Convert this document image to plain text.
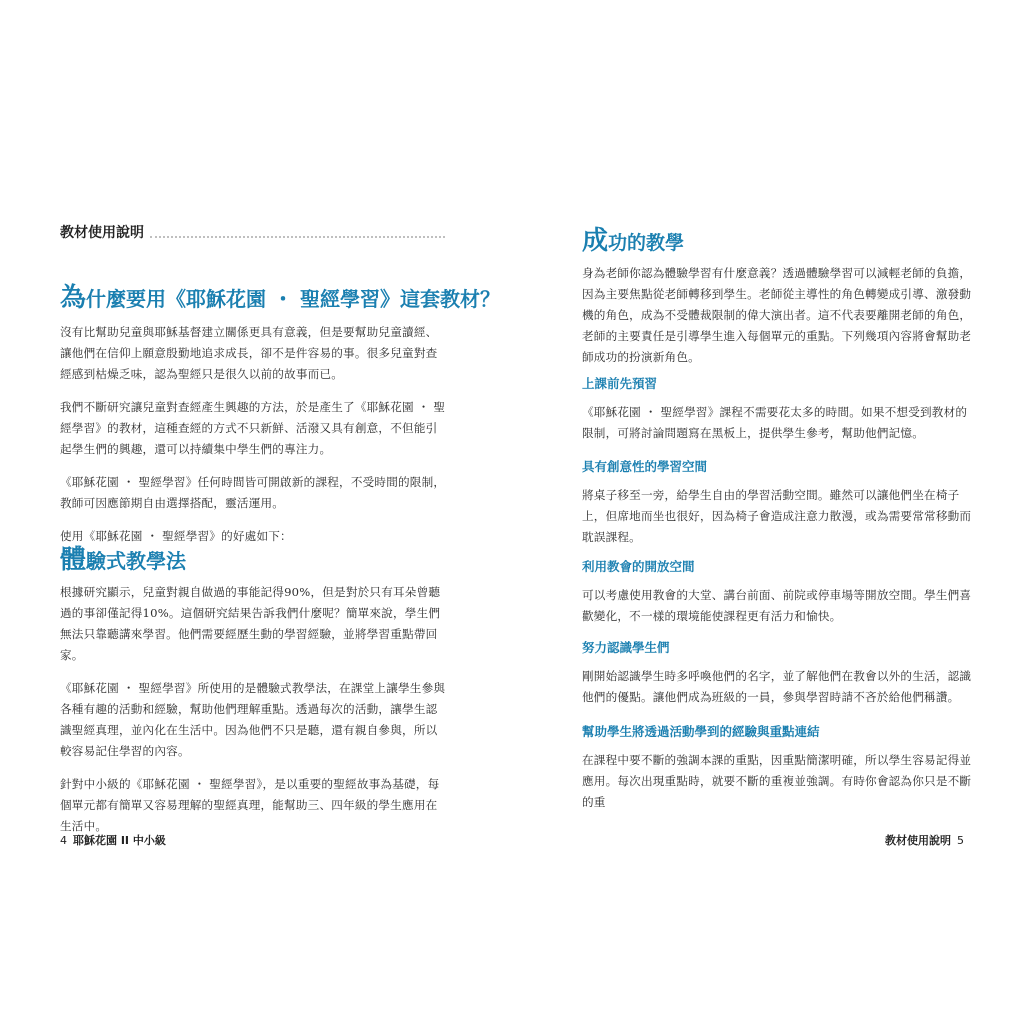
教材使用說明
為什麼要用《耶穌花園 ・ 聖經學習》這套教材？

沒有比幫助兒童與耶穌基督建立關係更具有意義，但是要幫助兒童讀經、讓他們在信仰上願意殷勤地追求成長，卻不是件容易的事。很多兒童對查經感到枯燥乏味，認為聖經只是很久以前的故事而已。

我們不斷研究讓兒童對查經產生興趣的方法，於是產生了《耶穌花園 ・ 聖經學習》的教材，這種查經的方式不只新鮮、活潑又具有創意，不但能引起學生們的興趣，還可以持續集中學生們的專注力。

《耶穌花園 ・ 聖經學習》任何時間皆可開啟新的課程，不受時間的限制，教師可因應節期自由選擇搭配，靈活運用。

使用《耶穌花園 ・ 聖經學習》的好處如下：

體驗式教學法

根據研究顯示，兒童對親自做過的事能記得90%，但是對於只有耳朵曾聽過的事卻僅記得10%。這個研究結果告訴我們什麼呢？簡單來說，學生們無法只靠聽講來學習。他們需要經歷生動的學習經驗，並將學習重點帶回家。

《耶穌花園 ・ 聖經學習》所使用的是體驗式教學法，在課堂上讓學生參與各種有趣的活動和經驗，幫助他們理解重點。透過每次的活動，讓學生認識聖經真理，並內化在生活中。因為他們不只是聽，還有親自參與，所以較容易記住學習的內容。

針對中小級的《耶穌花園 ・ 聖經學習》，是以重要的聖經故事為基礎，每個單元都有簡單又容易理解的聖經真理，能幫助三、四年級的學生應用在生活中。

4 耶穌花園 II 中小級
成功的教學

身為老師你認為體驗學習有什麼意義？透過體驗學習可以減輕老師的負擔，因為主要焦點從老師轉移到學生。老師從主導性的角色轉變成引導、激發動機的角色，成為不受體裁限制的偉大演出者。這不代表要離開老師的角色，老師的主要責任是引導學生進入每個單元的重點。下列幾項內容將會幫助老師成功的扮演新角色。

上課前先預習

《耶穌花園 ・ 聖經學習》課程不需要花太多的時間。如果不想受到教材的限制，可將討論問題寫在黑板上，提供學生參考，幫助他們記憶。

具有創意性的學習空間

將桌子移至一旁，給學生自由的學習活動空間。雖然可以讓他們坐在椅子上，但席地而坐也很好，因為椅子會造成注意力散漫，或為需要常常移動而耽誤課程。

利用教會的開放空間

可以考慮使用教會的大堂、講台前面、前院或停車場等開放空間。學生們喜歡變化，不一樣的環境能使課程更有活力和愉快。

努力認識學生們

剛開始認識學生時多呼喚他們的名字，並了解他們在教會以外的生活，認識他們的優點。讓他們成為班級的一員，參與學習時請不吝於給他們稱讚。

幫助學生將透過活動學到的經驗與重點連結

在課程中要不斷的強調本課的重點，因重點簡潔明確，所以學生容易記得並應用。每次出現重點時，就要不斷的重複並強調。有時你會認為你只是不斷的重

教材使用說明 5
